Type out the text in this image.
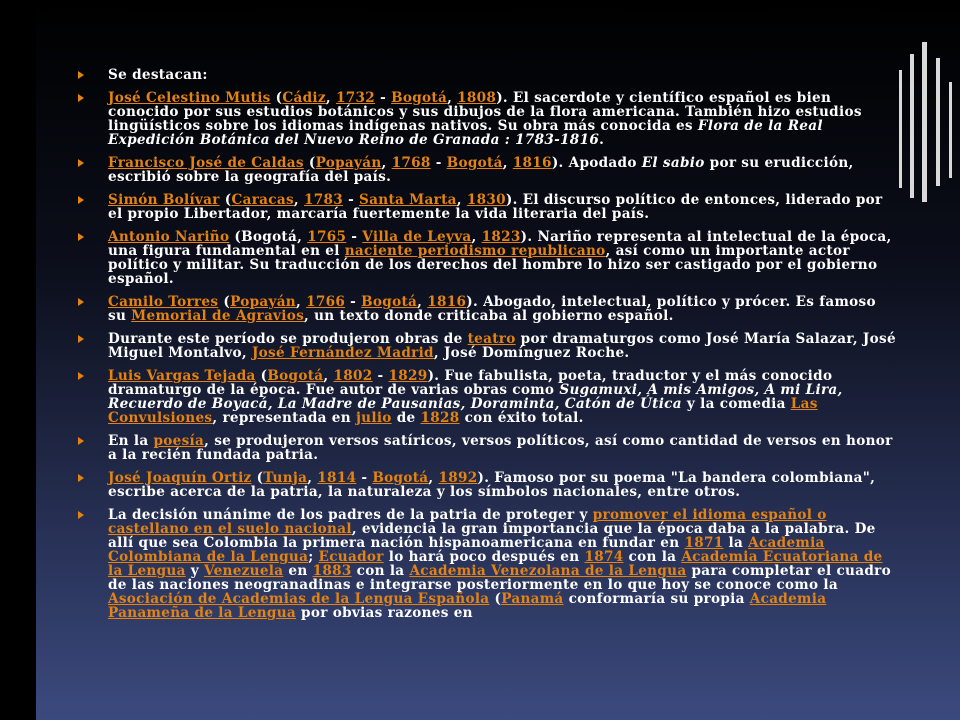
Se destacan:
José Celestino Mutis (Cádiz, 1732 - Bogotá, 1808). El sacerdote y científico español es bien conocido por sus estudios botánicos y sus dibujos de la flora americana. También hizo estudios lingüísticos sobre los idiomas indígenas nativos. Su obra más conocida es Flora de la Real Expedición Botánica del Nuevo Reino de Granada : 1783-1816.
Francisco José de Caldas (Popayán, 1768 - Bogotá, 1816). Apodado El sabio por su erudicción, escribió sobre la geografía del país.
Simón Bolívar (Caracas, 1783 - Santa Marta, 1830). El discurso político de entonces, liderado por el propio Libertador, marcaría fuertemente la vida literaria del país.
Antonio Nariño (Bogotá, 1765 - Villa de Leyva, 1823). Nariño representa al intelectual de la época, una figura fundamental en el naciente periodismo republicano, así como un importante actor político y militar. Su traducción de los derechos del hombre lo hizo ser castigado por el gobierno español.
Camilo Torres (Popayán, 1766 - Bogotá, 1816). Abogado, intelectual, político y prócer. Es famoso su Memorial de Agravios, un texto donde criticaba al gobierno español.
Durante este período se produjeron obras de teatro por dramaturgos como José María Salazar, José Miguel Montalvo, José Fernández Madrid, José Domínguez Roche.
Luis Vargas Tejada (Bogotá, 1802 - 1829). Fue fabulista, poeta, traductor y el más conocido dramaturgo de la época. Fue autor de varias obras como Sugamuxi, A mis Amigos, A mi Lira, Recuerdo de Boyacá, La Madre de Pausanias, Doraminta, Catón de Útica y la comedia Las Convulsiones, representada en julio de 1828 con éxito total.
En la poesía, se produjeron versos satíricos, versos políticos, así como cantidad de versos en honor a la recién fundada patria.
José Joaquín Ortiz (Tunja, 1814 - Bogotá, 1892). Famoso por su poema "La bandera colombiana", escribe acerca de la patria, la naturaleza y los símbolos nacionales, entre otros.
La decisión unánime de los padres de la patria de proteger y promover el idioma español o castellano en el suelo nacional, evidencia la gran importancia que la época daba a la palabra. De allí que sea Colombia la primera nación hispanoamericana en fundar en 1871 la Academia Colombiana de la Lengua; Ecuador lo hará poco después en 1874 con la Academia Ecuatoriana de la Lengua y Venezuela en 1883 con la Academia Venezolana de la Lengua para completar el cuadro de las naciones neogranadinas e integrarse posteriormente en lo que hoy se conoce como la Asociación de Academias de la Lengua Española (Panamá conformaría su propia Academia Panameña de la Lengua por obvias razones en
